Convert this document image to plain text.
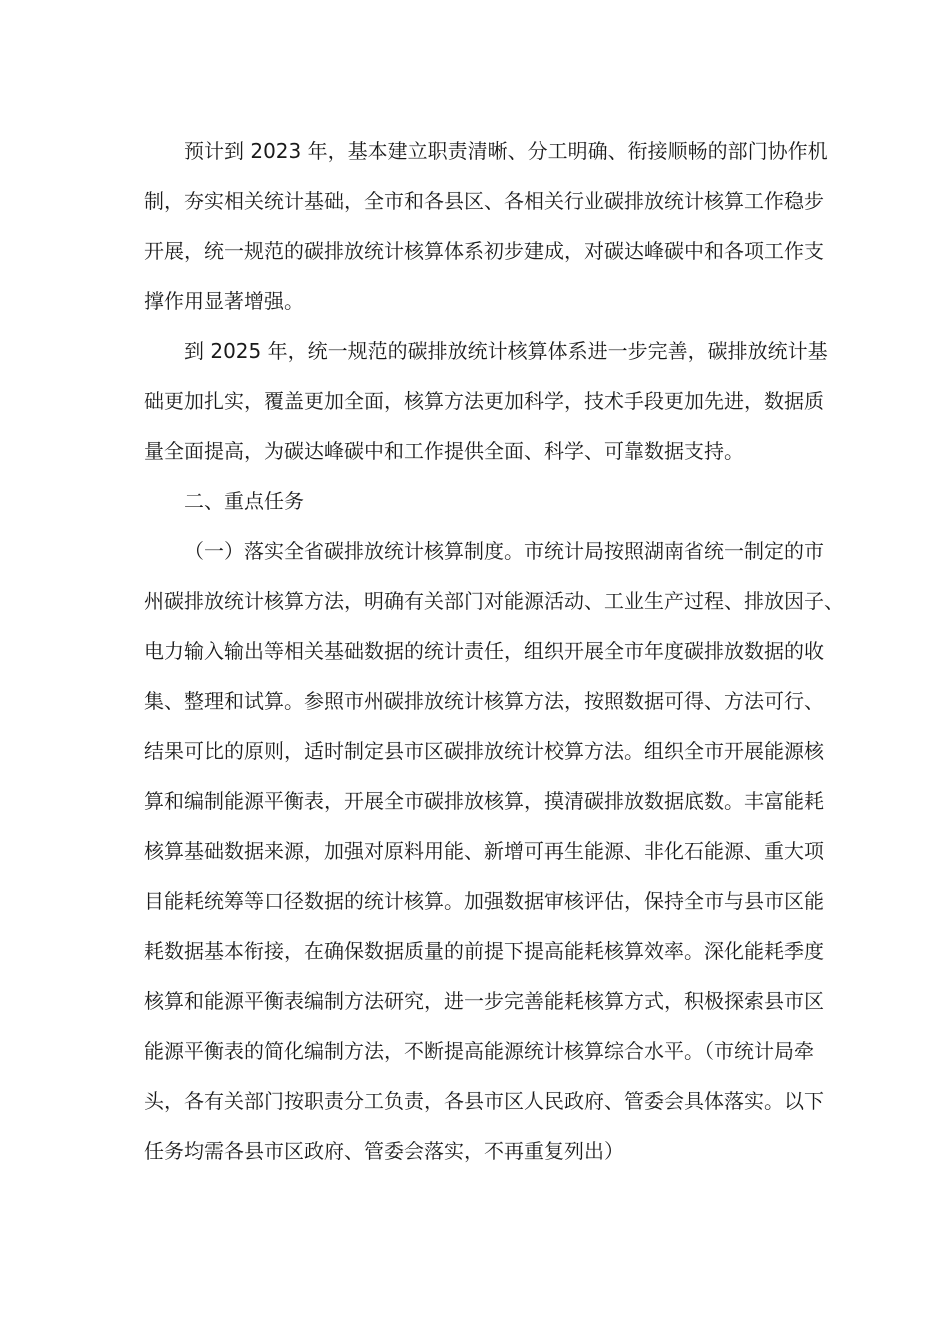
预计到 2023 年，基本建立职责清晰、分工明确、衔接顺畅的部门协作机
制，夯实相关统计基础，全市和各县区、各相关行业碳排放统计核算工作稳步
开展，统一规范的碳排放统计核算体系初步建成，对碳达峰碳中和各项工作支
撑作用显著增强。
到 2025 年，统一规范的碳排放统计核算体系进一步完善，碳排放统计基
础更加扎实，覆盖更加全面，核算方法更加科学，技术手段更加先进，数据质
量全面提高，为碳达峰碳中和工作提供全面、科学、可靠数据支持。
二、重点任务
（一）落实全省碳排放统计核算制度。市统计局按照湖南省统一制定的市
州碳排放统计核算方法，明确有关部门对能源活动、工业生产过程、排放因子、
电力输入输出等相关基础数据的统计责任，组织开展全市年度碳排放数据的收
集、整理和试算。参照市州碳排放统计核算方法，按照数据可得、方法可行、
结果可比的原则，适时制定县市区碳排放统计校算方法。组织全市开展能源核
算和编制能源平衡表，开展全市碳排放核算，摸清碳排放数据底数。丰富能耗
核算基础数据来源，加强对原料用能、新增可再生能源、非化石能源、重大项
目能耗统筹等口径数据的统计核算。加强数据审核评估，保持全市与县市区能
耗数据基本衔接，在确保数据质量的前提下提高能耗核算效率。深化能耗季度
核算和能源平衡表编制方法研究，进一步完善能耗核算方式，积极探索县市区
能源平衡表的简化编制方法，不断提高能源统计核算综合水平。（市统计局牵
头，各有关部门按职责分工负责，各县市区人民政府、管委会具体落实。以下
任务均需各县市区政府、管委会落实，不再重复列出）
